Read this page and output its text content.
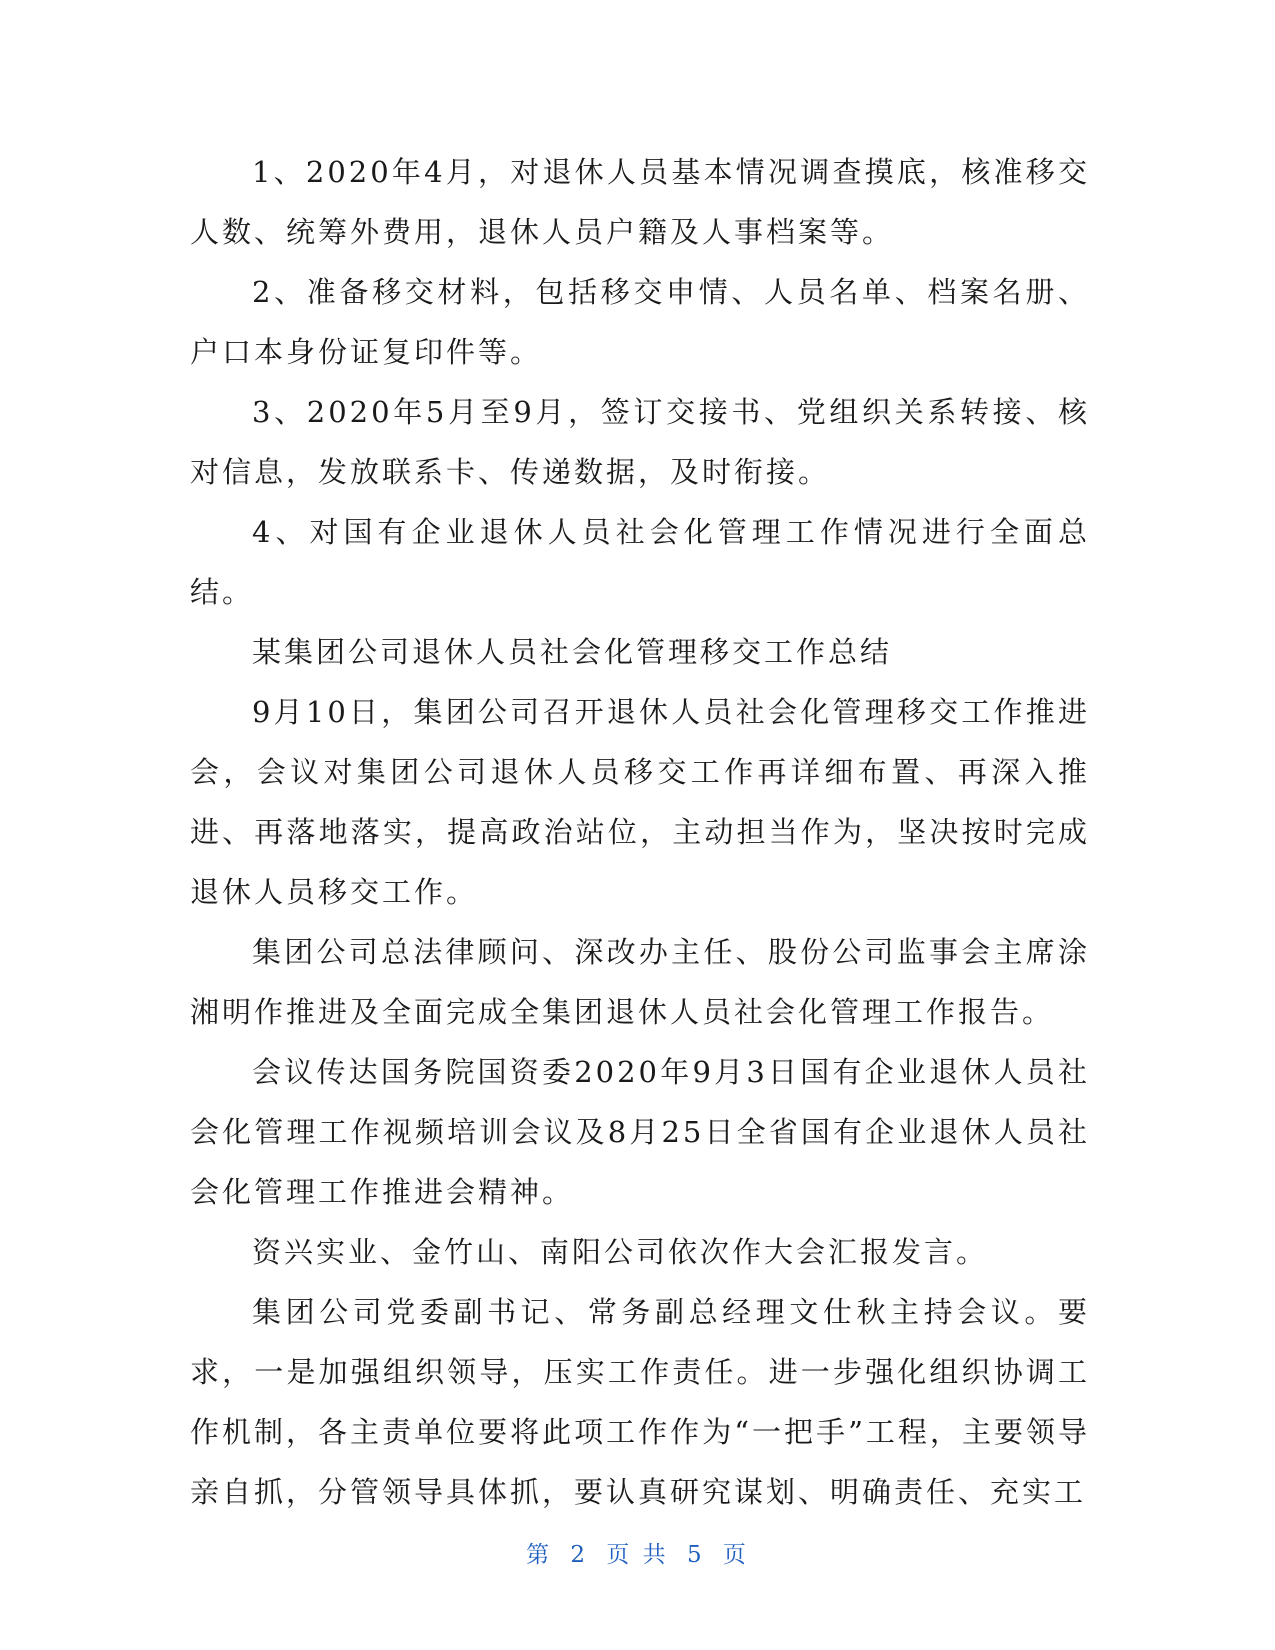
1、2020年4月，对退休人员基本情况调查摸底，核准移交人数、统筹外费用，退休人员户籍及人事档案等。

2、准备移交材料，包括移交申情、人员名单、档案名册、户口本身份证复印件等。

3、2020年5月至9月，签订交接书、党组织关系转接、核对信息，发放联系卡、传递数据，及时衔接。

4、对国有企业退休人员社会化管理工作情况进行全面总结。

某集团公司退休人员社会化管理移交工作总结

9月10日，集团公司召开退休人员社会化管理移交工作推进会，会议对集团公司退休人员移交工作再详细布置、再深入推进、再落地落实，提高政治站位，主动担当作为，坚决按时完成退休人员移交工作。

集团公司总法律顾问、深改办主任、股份公司监事会主席涂湘明作推进及全面完成全集团退休人员社会化管理工作报告。

会议传达国务院国资委2020年9月3日国有企业退休人员社会化管理工作视频培训会议及8月25日全省国有企业退休人员社会化管理工作推进会精神。

资兴实业、金竹山、南阳公司依次作大会汇报发言。

集团公司党委副书记、常务副总经理文仕秋主持会议。要求，一是加强组织领导，压实工作责任。进一步强化组织协调工作机制，各主责单位要将此项工作作为“一把手”工程，主要领导亲自抓，分管领导具体抓，要认真研究谋划、明确责任、充实工

第 2 页 共 5 页
